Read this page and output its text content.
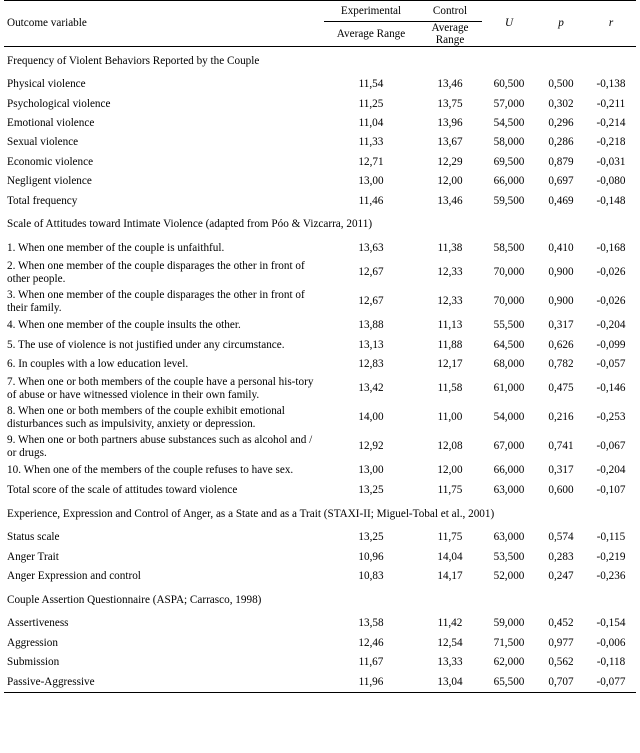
Outcome variable	Experimental	Control	U	p	r
	Average Range	Average Range			
Frequency of Violent Behaviors Reported by the Couple					
Physical violence	11,54	13,46	60,500	0,500	-0,138
Psychological violence	11,25	13,75	57,000	0,302	-0,211
Emotional violence	11,04	13,96	54,500	0,296	-0,214
Sexual violence	11,33	13,67	58,000	0,286	-0,218
Economic violence	12,71	12,29	69,500	0,879	-0,031
Negligent violence	13,00	12,00	66,000	0,697	-0,080
Total frequency	11,46	13,46	59,500	0,469	-0,148
Scale of Attitudes toward Intimate Violence (adapted from Póo & Vizcarra, 2011)					
1. When one member of the couple is unfaithful.	13,63	11,38	58,500	0,410	-0,168
2. When one member of the couple disparages the other in front of other people.	12,67	12,33	70,000	0,900	-0,026
3. When one member of the couple disparages the other in front of their family.	12,67	12,33	70,000	0,900	-0,026
4. When one member of the couple insults the other.	13,88	11,13	55,500	0,317	-0,204
5. The use of violence is not justified under any circumstance.	13,13	11,88	64,500	0,626	-0,099
6. In couples with a low education level.	12,83	12,17	68,000	0,782	-0,057
7. When one or both members of the couple have a personal his-tory of abuse or have witnessed violence in their own family.	13,42	11,58	61,000	0,475	-0,146
8. When one or both members of the couple exhibit emotional disturbances such as impulsivity, anxiety or depression.	14,00	11,00	54,000	0,216	-0,253
9. When one or both partners abuse substances such as alcohol and / or drugs.	12,92	12,08	67,000	0,741	-0,067
10. When one of the members of the couple refuses to have sex.	13,00	12,00	66,000	0,317	-0,204
Total score of the scale of attitudes toward violence	13,25	11,75	63,000	0,600	-0,107
Experience, Expression and Control of Anger, as a State and as a Trait (STAXI-II; Miguel-Tobal et al., 2001)					
Status scale	13,25	11,75	63,000	0,574	-0,115
Anger Trait	10,96	14,04	53,500	0,283	-0,219
Anger Expression and control	10,83	14,17	52,000	0,247	-0,236
Couple Assertion Questionnaire (ASPA; Carrasco, 1998)					
Assertiveness	13,58	11,42	59,000	0,452	-0,154
Aggression	12,46	12,54	71,500	0,977	-0,006
Submission	11,67	13,33	62,000	0,562	-0,118
Passive-Aggressive	11,96	13,04	65,500	0,707	-0,077
